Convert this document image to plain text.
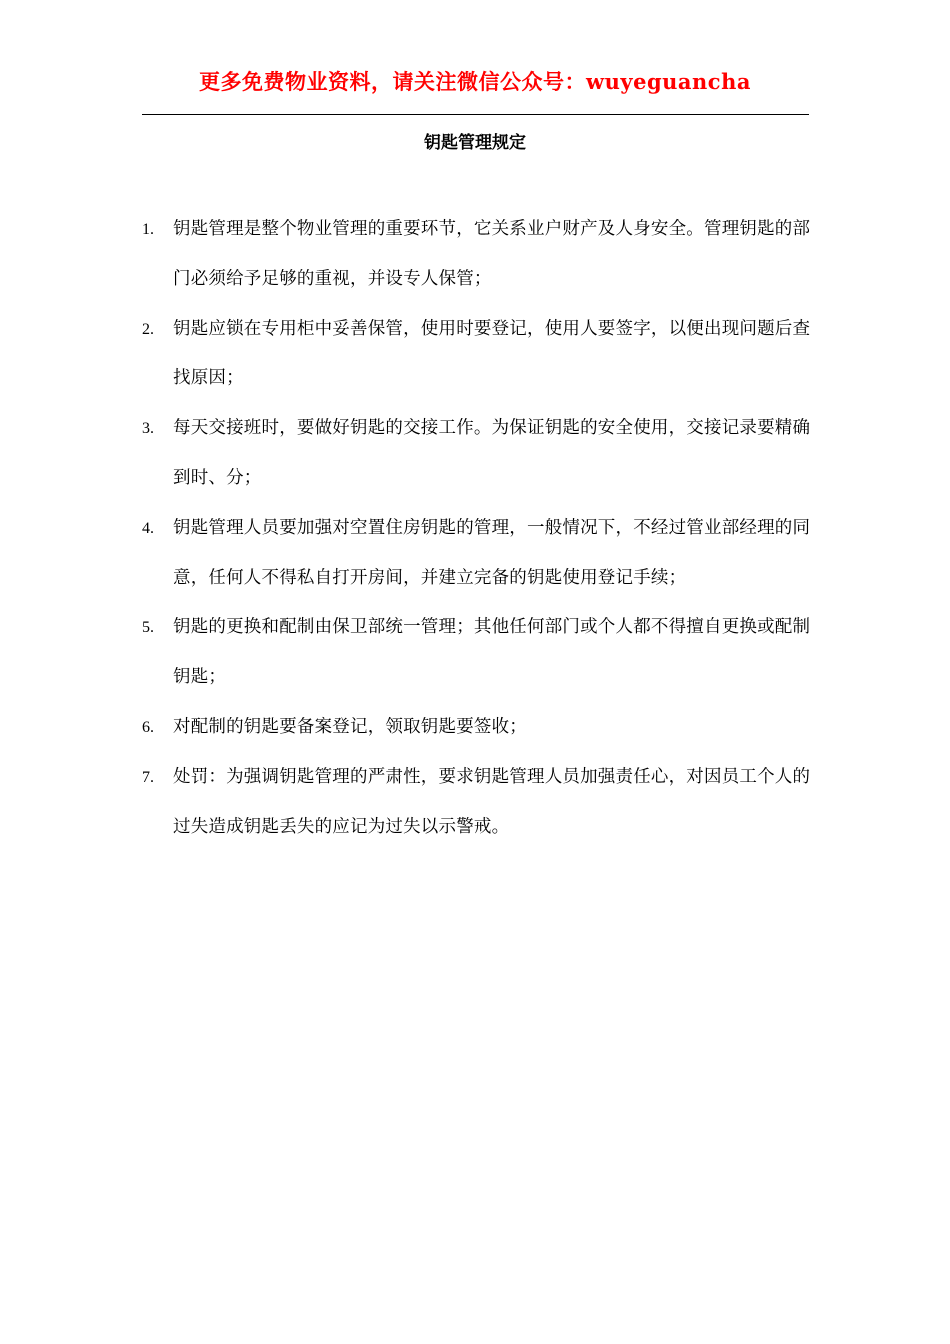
更多免费物业资料，请关注微信公众号：wuyeguancha
钥匙管理规定
1. 钥匙管理是整个物业管理的重要环节，它关系业户财产及人身安全。管理钥匙的部门必须给予足够的重视，并设专人保管；
2. 钥匙应锁在专用柜中妥善保管，使用时要登记，使用人要签字，以便出现问题后查找原因；
3. 每天交接班时，要做好钥匙的交接工作。为保证钥匙的安全使用，交接记录要精确到时、分；
4. 钥匙管理人员要加强对空置住房钥匙的管理，一般情况下，不经过管业部经理的同意，任何人不得私自打开房间，并建立完备的钥匙使用登记手续；
5. 钥匙的更换和配制由保卫部统一管理；其他任何部门或个人都不得擅自更换或配制钥匙；
6. 对配制的钥匙要备案登记，领取钥匙要签收；
7. 处罚：为强调钥匙管理的严肃性，要求钥匙管理人员加强责任心，对因员工个人的过失造成钥匙丢失的应记为过失以示警戒。
